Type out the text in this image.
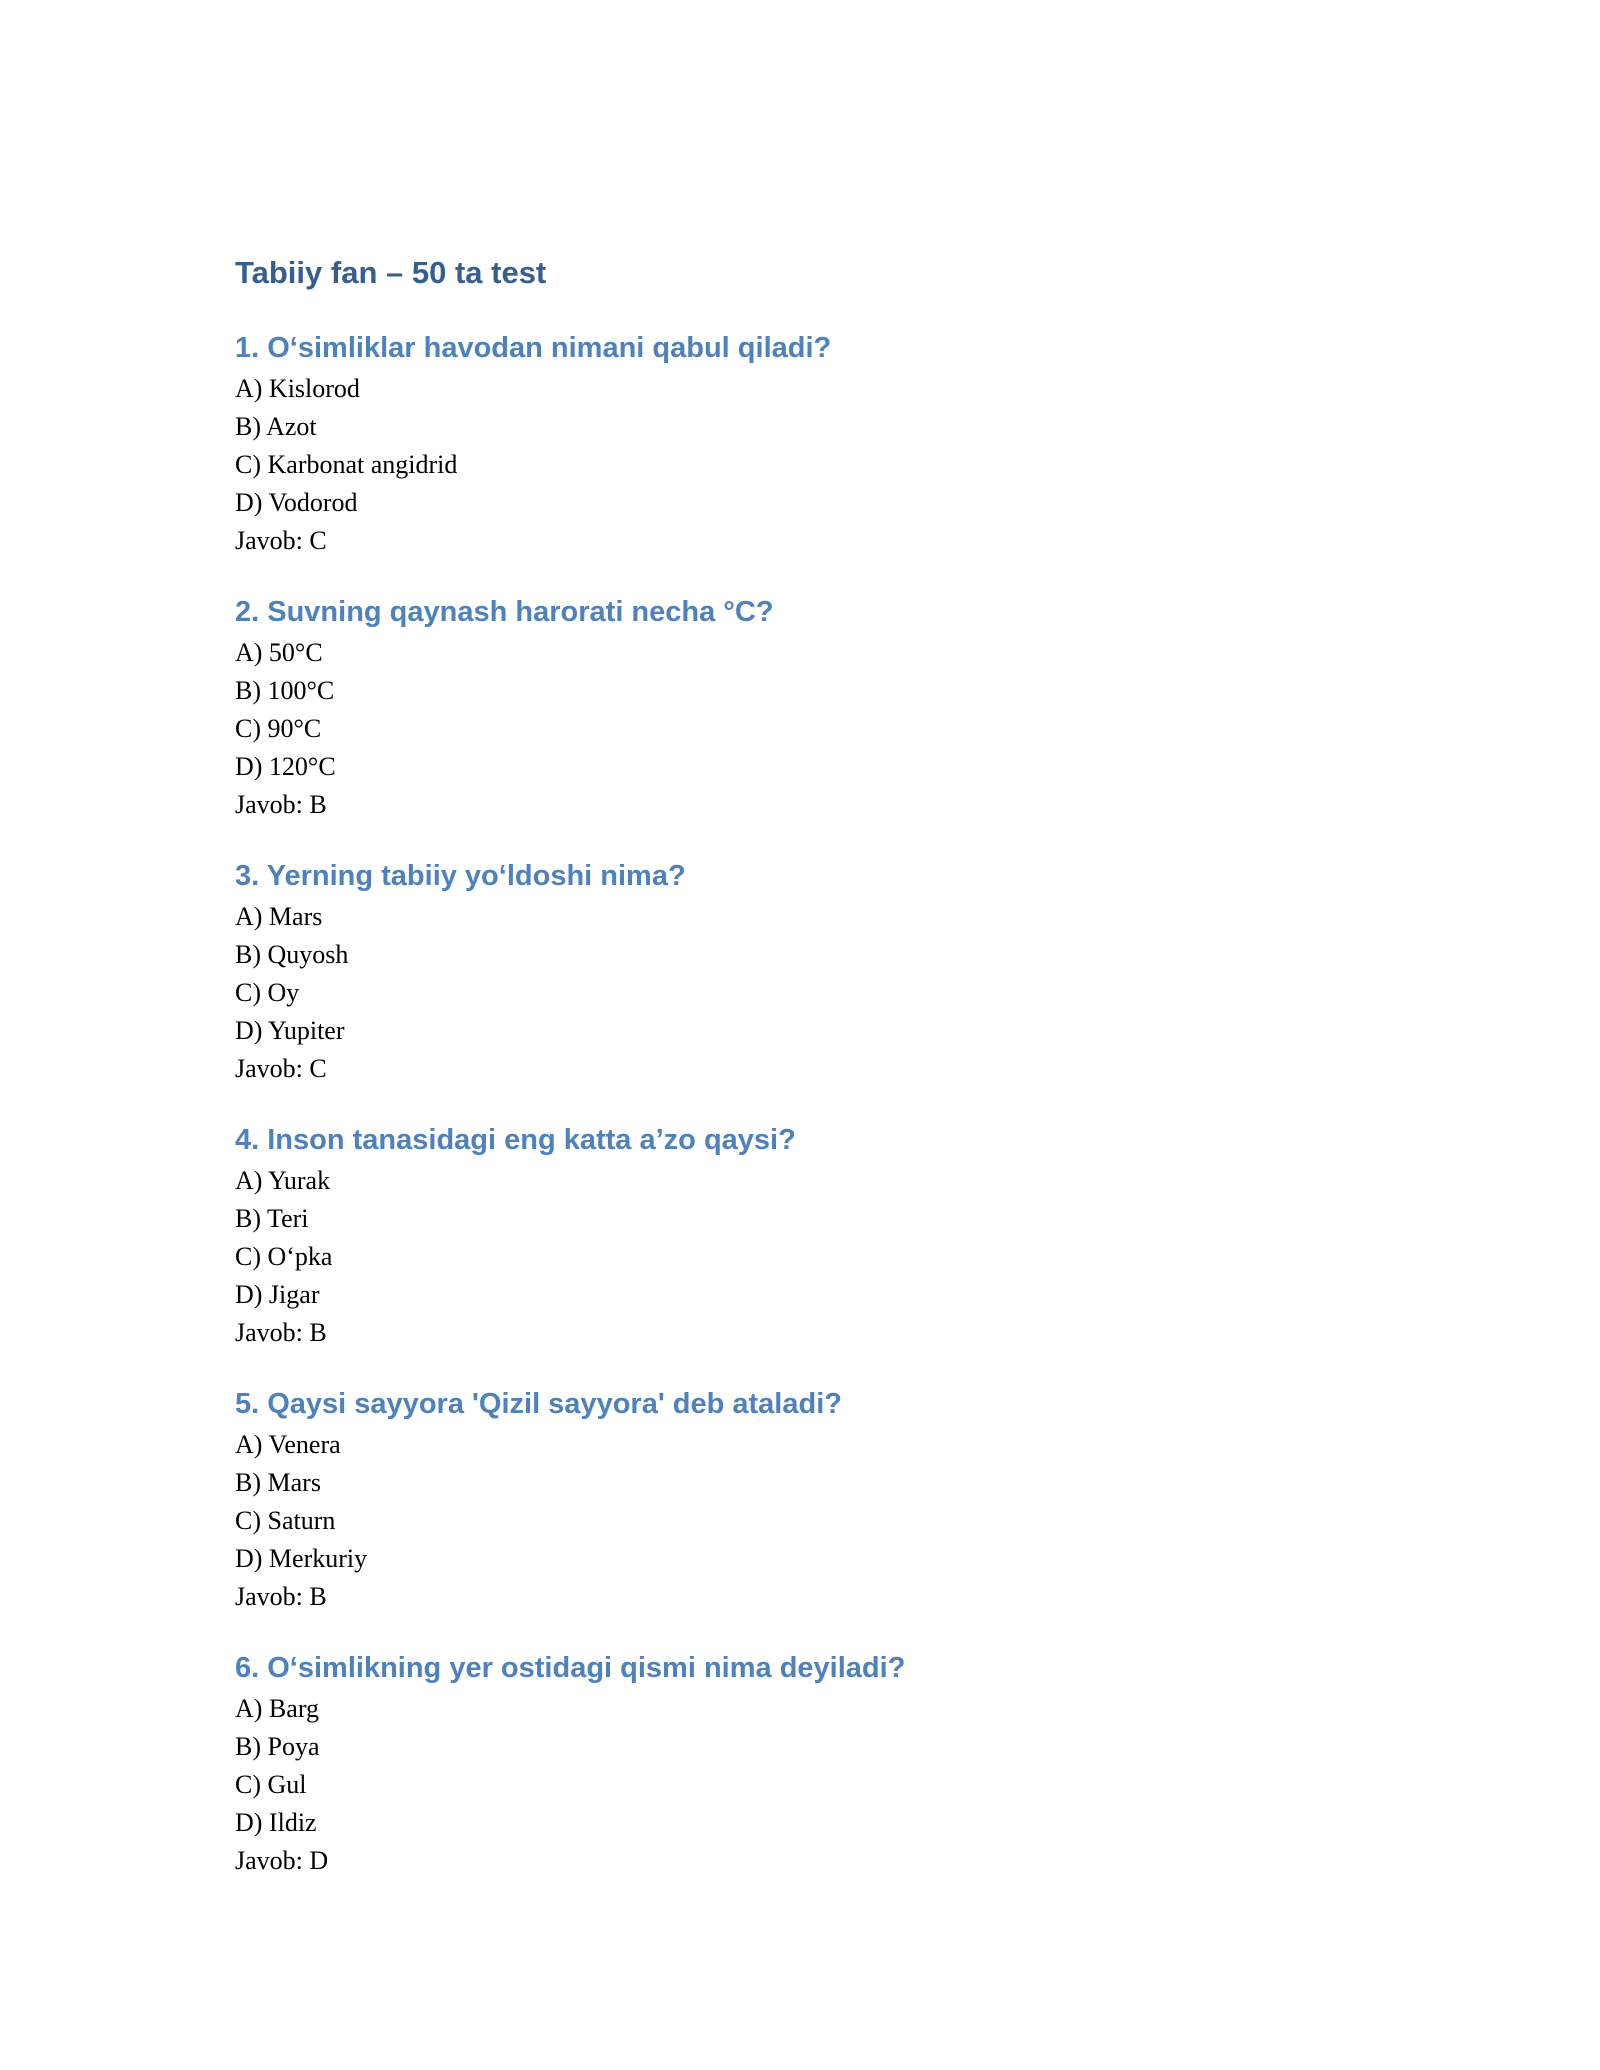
Tabiiy fan – 50 ta test
1. O‘simliklar havodan nimani qabul qiladi?

A) Kislorod

B) Azot

C) Karbonat angidrid

D) Vodorod

Javob: C

2. Suvning qaynash harorati necha °C?

A) 50°C

B) 100°C

C) 90°C

D) 120°C

Javob: B

3. Yerning tabiiy yo‘ldoshi nima?

A) Mars

B) Quyosh

C) Oy

D) Yupiter

Javob: C

4. Inson tanasidagi eng katta a’zo qaysi?

A) Yurak

B) Teri

C) O‘pka

D) Jigar

Javob: B

5. Qaysi sayyora 'Qizil sayyora' deb ataladi?

A) Venera

B) Mars

C) Saturn

D) Merkuriy

Javob: B

6. O‘simlikning yer ostidagi qismi nima deyiladi?

A) Barg

B) Poya

C) Gul

D) Ildiz

Javob: D
